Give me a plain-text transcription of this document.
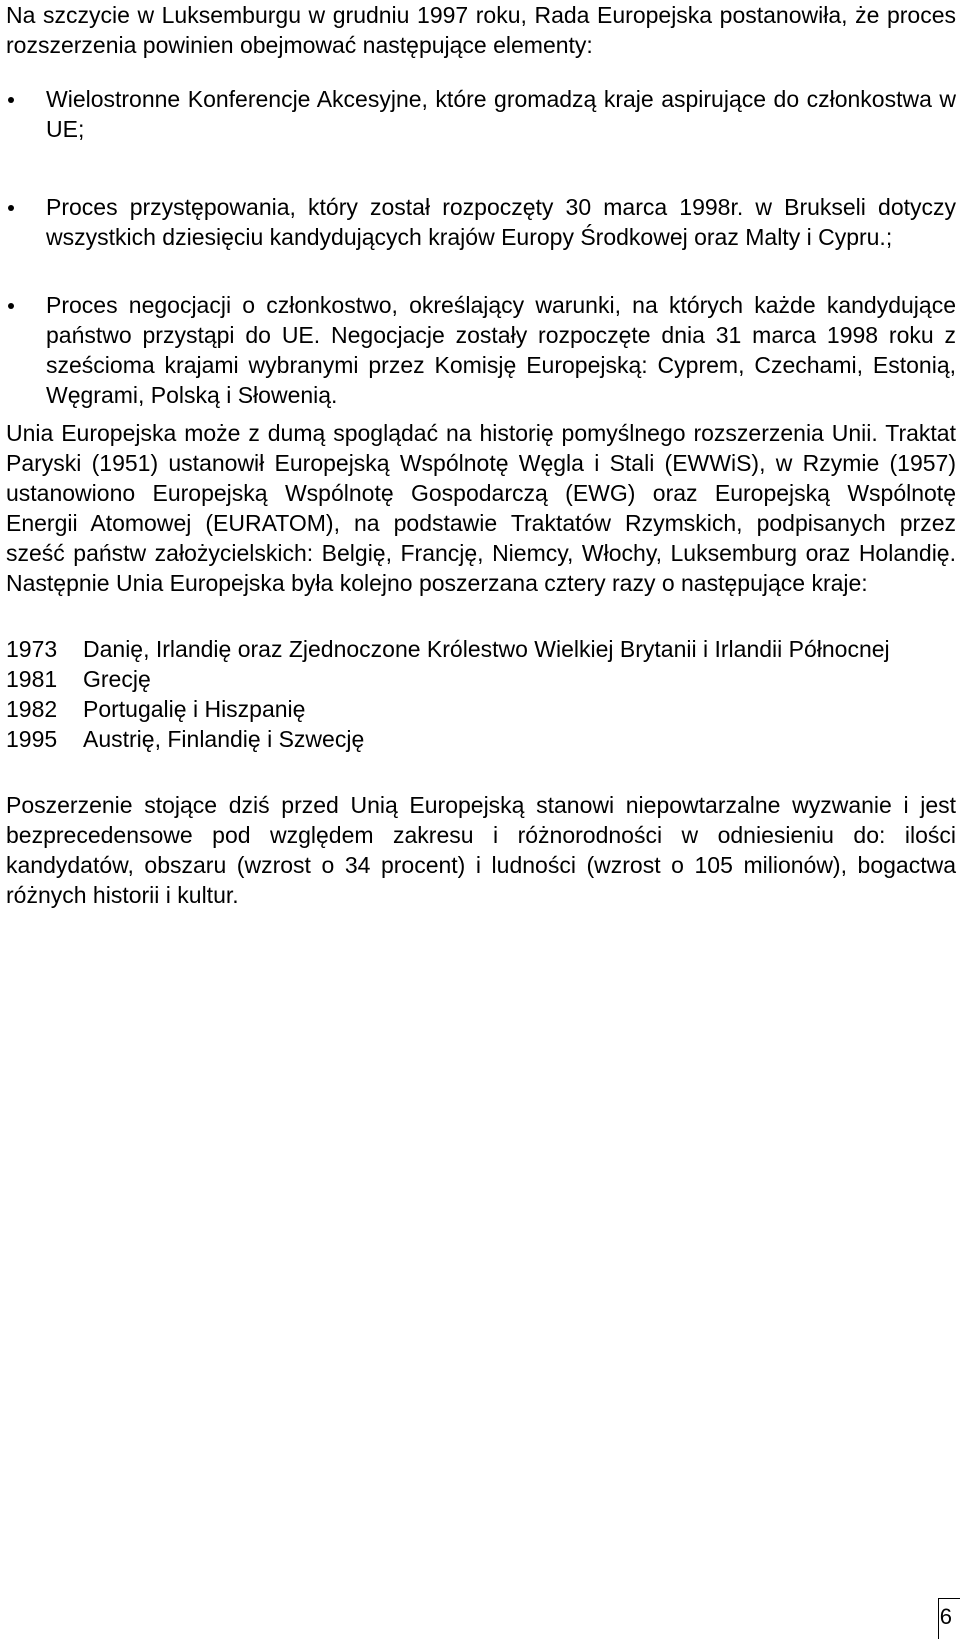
Na szczycie w Luksemburgu w grudniu 1997 roku, Rada Europejska postanowiła, że proces rozszerzenia powinien obejmować następujące elementy:

Wielostronne Konferencje Akcesyjne, które gromadzą kraje aspirujące do członkostwa w UE;
Proces przystępowania, który został rozpoczęty 30 marca 1998r. w Brukseli dotyczy wszystkich dziesięciu kandydujących krajów Europy Środkowej oraz Malty i Cypru.;
Proces negocjacji o członkostwo, określający warunki, na których każde kandydujące państwo przystąpi do UE. Negocjacje zostały rozpoczęte dnia 31 marca 1998 roku z sześcioma krajami wybranymi przez Komisję Europejską: Cyprem, Czechami, Estonią, Węgrami, Polską i Słowenią.

Unia Europejska może z dumą spoglądać na historię pomyślnego rozszerzenia Unii. Traktat Paryski (1951) ustanowił Europejską Wspólnotę Węgla i Stali (EWWiS), w Rzymie (1957) ustanowiono Europejską Wspólnotę Gospodarczą (EWG) oraz Europejską Wspólnotę Energii Atomowej (EURATOM), na podstawie Traktatów Rzymskich, podpisanych przez sześć państw założycielskich: Belgię, Francję, Niemcy, Włochy, Luksemburg oraz Holandię. Następnie Unia Europejska była kolejno poszerzana cztery razy o następujące kraje:

1973	Danię, Irlandię oraz Zjednoczone Królestwo Wielkiej Brytanii i Irlandii Północnej
1981	Grecję
1982	Portugalię i Hiszpanię
1995	Austrię, Finlandię i Szwecję

Poszerzenie stojące dziś przed Unią Europejską stanowi niepowtarzalne wyzwanie i jest bezprecedensowe pod względem zakresu i różnorodności w odniesieniu do: ilości kandydatów, obszaru (wzrost o 34 procent) i ludności (wzrost o 105 milionów), bogactwa różnych historii i kultur.

6
